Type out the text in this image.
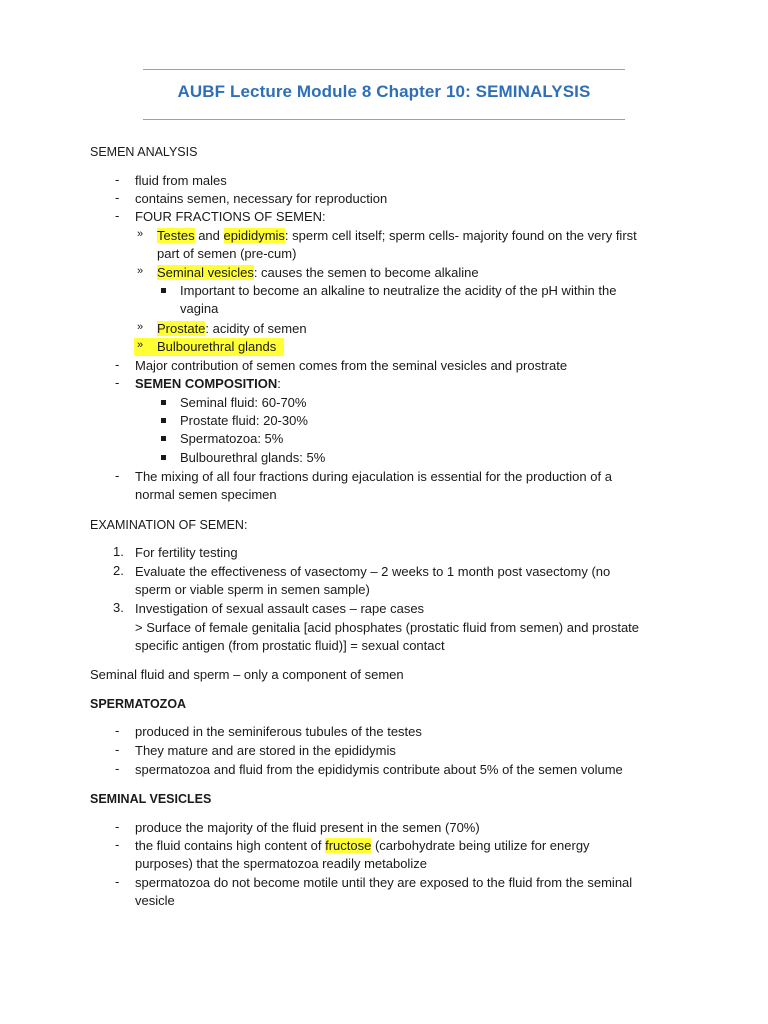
AUBF Lecture Module 8 Chapter 10: SEMINALYSIS
SEMEN ANALYSIS
- fluid from males
- contains semen, necessary for reproduction
- FOUR FRACTIONS OF SEMEN:
» Testes and epididymis: sperm cell itself; sperm cells- majority found on the very first
part of semen (pre-cum)
» Seminal vesicles: causes the semen to become alkaline
Important to become an alkaline to neutralize the acidity of the pH within the
vagina
» Prostate: acidity of semen
» Bulbourethral glands
- Major contribution of semen comes from the seminal vesicles and prostrate
- SEMEN COMPOSITION:
Seminal fluid: 60-70%
Prostate fluid: 20-30%
Spermatozoa: 5%
Bulbourethral glands: 5%
- The mixing of all four fractions during ejaculation is essential for the production of a
normal semen specimen
EXAMINATION OF SEMEN:
1. For fertility testing
2. Evaluate the effectiveness of vasectomy – 2 weeks to 1 month post vasectomy (no
sperm or viable sperm in semen sample)
3. Investigation of sexual assault cases – rape cases
> Surface of female genitalia [acid phosphates (prostatic fluid from semen) and prostate
specific antigen (from prostatic fluid)] = sexual contact
Seminal fluid and sperm – only a component of semen
SPERMATOZOA
- produced in the seminiferous tubules of the testes
- They mature and are stored in the epididymis
- spermatozoa and fluid from the epididymis contribute about 5% of the semen volume
SEMINAL VESICLES
- produce the majority of the fluid present in the semen (70%)
- the fluid contains high content of fructose (carbohydrate being utilize for energy
purposes) that the spermatozoa readily metabolize
- spermatozoa do not become motile until they are exposed to the fluid from the seminal
vesicle
